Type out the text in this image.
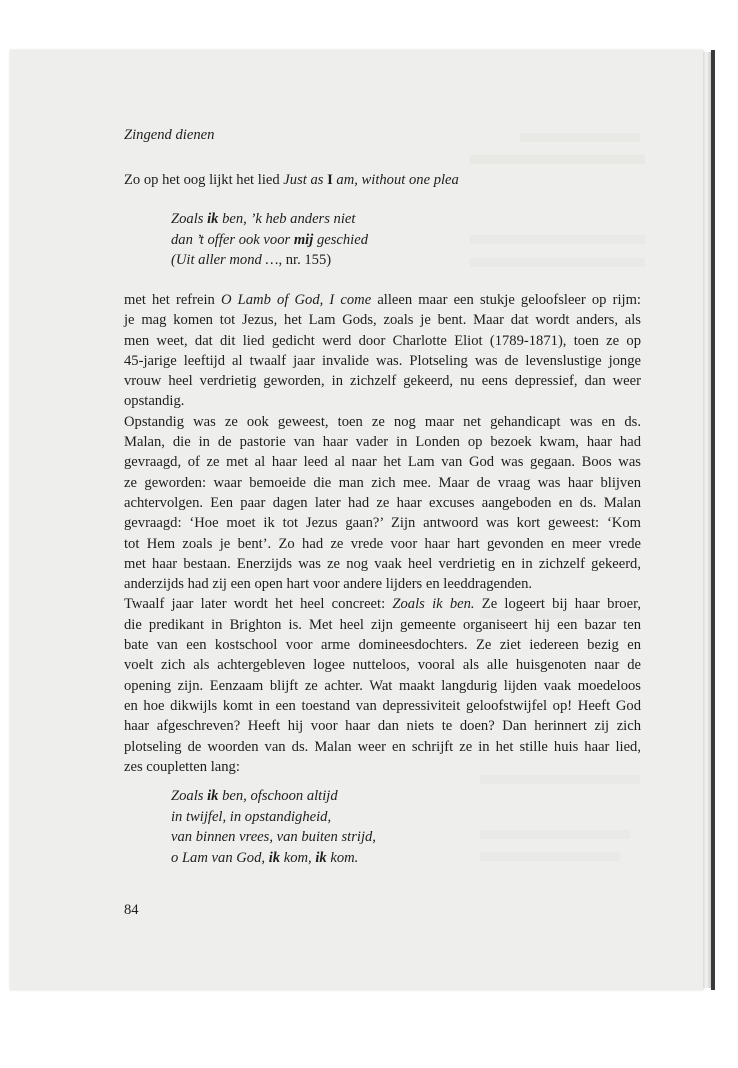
Zingend dienen
Zo op het oog lijkt het lied Just as I am, without one plea
Zoals ik ben, ’k heb anders niet
dan ’t offer ook voor mij geschied
(Uit aller mond …, nr. 155)
met het refrein O Lamb of God, I come alleen maar een stukje geloofsleer op rijm:
je mag komen tot Jezus, het Lam Gods, zoals je bent. Maar dat wordt anders, als
men weet, dat dit lied gedicht werd door Charlotte Eliot (1789-1871), toen ze op
45-jarige leeftijd al twaalf jaar invalide was. Plotseling was de levenslustige jonge
vrouw heel verdrietig geworden, in zichzelf gekeerd, nu eens depressief, dan weer
opstandig.
Opstandig was ze ook geweest, toen ze nog maar net gehandicapt was en ds.
Malan, die in de pastorie van haar vader in Londen op bezoek kwam, haar had
gevraagd, of ze met al haar leed al naar het Lam van God was gegaan. Boos was
ze geworden: waar bemoeide die man zich mee. Maar de vraag was haar blijven
achtervolgen. Een paar dagen later had ze haar excuses aangeboden en ds. Malan
gevraagd: ‘Hoe moet ik tot Jezus gaan?’ Zijn antwoord was kort geweest: ‘Kom
tot Hem zoals je bent’. Zo had ze vrede voor haar hart gevonden en meer vrede
met haar bestaan. Enerzijds was ze nog vaak heel verdrietig en in zichzelf gekeerd,
anderzijds had zij een open hart voor andere lijders en leeddragenden.
Twaalf jaar later wordt het heel concreet: Zoals ik ben. Ze logeert bij haar broer,
die predikant in Brighton is. Met heel zijn gemeente organiseert hij een bazar ten
bate van een kostschool voor arme domineesdochters. Ze ziet iedereen bezig en
voelt zich als achtergebleven logee nutteloos, vooral als alle huisgenoten naar de
opening zijn. Eenzaam blijft ze achter. Wat maakt langdurig lijden vaak moedeloos
en hoe dikwijls komt in een toestand van depressiviteit geloofstwijfel op! Heeft God
haar afgeschreven? Heeft hij voor haar dan niets te doen? Dan herinnert zij zich
plotseling de woorden van ds. Malan weer en schrijft ze in het stille huis haar lied,
zes coupletten lang:
Zoals ik ben, ofschoon altijd
in twijfel, in opstandigheid,
van binnen vrees, van buiten strijd,
o Lam van God, ik kom, ik kom.
84
